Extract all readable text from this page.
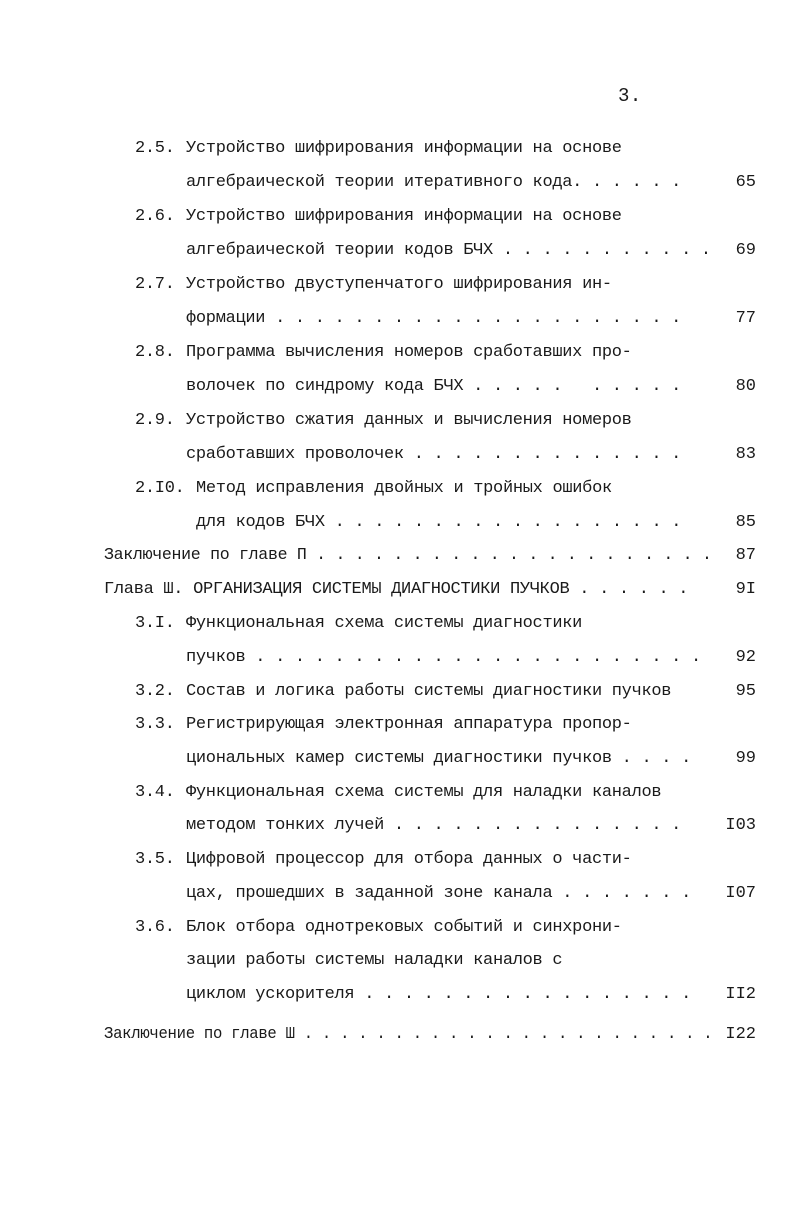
3.
2.5. Устройство шифрирования информации на основе
алгебраической теории итеративного кода. . . . . .	65
2.6. Устройство шифрирования информации на основе
алгебраической теории кодов БЧХ . . . . . . . . . . .	69
2.7. Устройство двуступенчатого шифрирования ин-
формации . . . . . . . . . . . . . . . . . . . . .	77
2.8. Программа вычисления номеров сработавших про-
волочек по синдрому кода БЧХ . . . . .   . . . . .	80
2.9. Устройство сжатия данных и вычисления номеров
сработавших проволочек . . . . . . . . . . . . . .	83
2.I0. Метод исправления двойных и тройных ошибок
для кодов БЧХ . . . . . . . . . . . . . . . . . .	85
Заключение по главе П . . . . . . . . . . . . . . . . . . . . .	87
Глава Ш. ОРГАНИЗАЦИЯ СИСТЕМЫ ДИАГНОСТИКИ ПУЧКОВ . . . . . .	9I
3.I. Функциональная схема системы диагностики
пучков . . . . . . . . . . . . . . . . . . . . . . .	92
3.2. Состав и логика работы системы диагностики пучков	95
3.3. Регистрирующая электронная аппаратура пропор-
циональных камер системы диагностики пучков . . . .	99
3.4. Функциональная схема системы для наладки каналов
методом тонких лучей . . . . . . . . . . . . . . .	I03
3.5. Цифровой процессор для отбора данных о части-
цах, прошедших в заданной зоне канала . . . . . . .	I07
3.6. Блок отбора однотрековых событий и синхрони-
зации работы системы наладки каналов с
циклом ускорителя . . . . . . . . . . . . . . . . .	II2
Заключение по главе Ш . . . . . . . . . . . . . . . . . . . . . . . I22
